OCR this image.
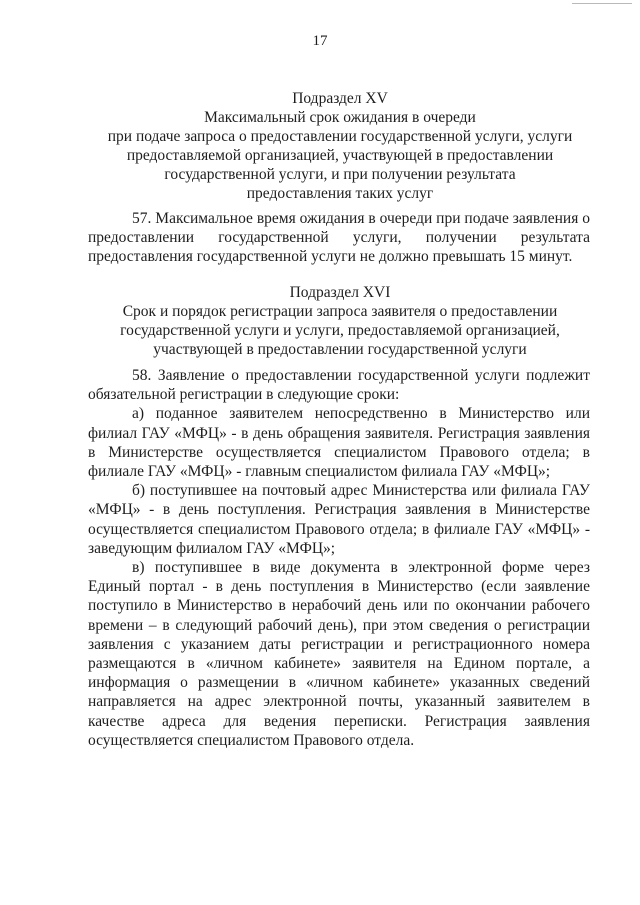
17
Подраздел XV
Максимальный срок ожидания в очереди
при подаче запроса о предоставлении государственной услуги, услуги
предоставляемой организацией, участвующей в предоставлении
государственной услуги, и при получении результата
предоставления таких услуг

57. Максимальное время ожидания в очереди при подаче заявления о предоставлении государственной услуги, получении результата предоставления государственной услуги не должно превышать 15 минут.

Подраздел XVI
Срок и порядок регистрации запроса заявителя о предоставлении
государственной услуги и услуги, предоставляемой организацией,
участвующей в предоставлении государственной услуги

58. Заявление о предоставлении государственной услуги подлежит обязательной регистрации в следующие сроки:

а) поданное заявителем непосредственно в Министерство или филиал ГАУ «МФЦ» - в день обращения заявителя. Регистрация заявления в Министерстве осуществляется специалистом Правового отдела; в филиале ГАУ «МФЦ» - главным специалистом филиала ГАУ «МФЦ»;

б) поступившее на почтовый адрес Министерства или филиала ГАУ «МФЦ» - в день поступления. Регистрация заявления в Министерстве осуществляется специалистом Правового отдела; в филиале ГАУ «МФЦ» - заведующим филиалом ГАУ «МФЦ»;

в) поступившее в виде документа в электронной форме через Единый портал - в день поступления в Министерство (если заявление поступило в Министерство в нерабочий день или по окончании рабочего времени – в следующий рабочий день), при этом сведения о регистрации заявления с указанием даты регистрации и регистрационного номера размещаются в «личном кабинете» заявителя на Едином портале, а информация о размещении в «личном кабинете» указанных сведений направляется на адрес электронной почты, указанный заявителем в качестве адреса для ведения переписки. Регистрация заявления осуществляется специалистом Правового отдела.
